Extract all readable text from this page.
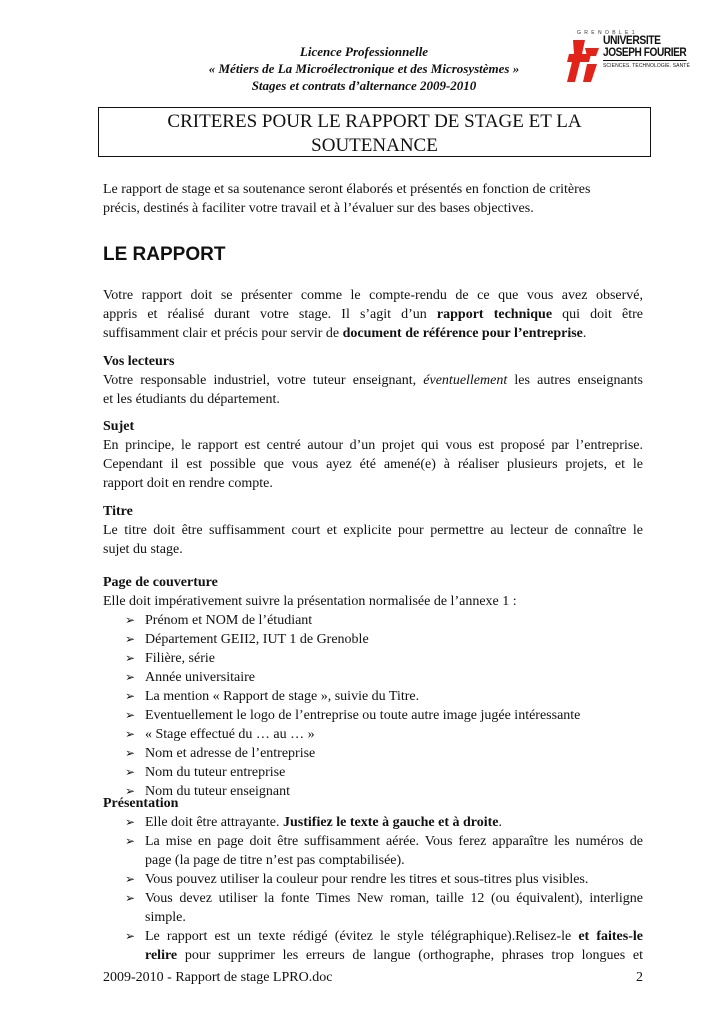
Licence Professionnelle
« Métiers de La Microélectronique et des Microsystèmes »
Stages et contrats d’alternance 2009-2010
G R E N O B L E 1
UNIVERSITE
JOSEPH FOURIER
SCIENCES. TECHNOLOGIE. SANTÉ
CRITERES POUR LE RAPPORT DE STAGE ET LA
SOUTENANCE
Le rapport de stage et sa soutenance seront élaborés et présentés en fonction de critères
précis, destinés à faciliter votre travail et à l’évaluer sur des bases objectives.
LE RAPPORT
Votre rapport doit se présenter comme le compte-rendu de ce que vous avez observé,
appris et réalisé durant votre stage. Il s’agit d’un rapport technique qui doit être
suffisamment clair et précis pour servir de document de référence pour l’entreprise.
Vos lecteurs
Votre responsable industriel, votre tuteur enseignant, éventuellement les autres enseignants
et les étudiants du département.
Sujet
En principe, le rapport est centré autour d’un projet qui vous est proposé par l’entreprise.
Cependant il est possible que vous ayez été amené(e) à réaliser plusieurs projets, et le
rapport doit en rendre compte.
Titre
Le titre doit être suffisamment court et explicite pour permettre au lecteur de connaître le
sujet du stage.
Page de couverture
Elle doit impérativement suivre la présentation normalisée de l’annexe 1 :
➢ Prénom et NOM de l’étudiant
➢ Département GEII2, IUT 1 de Grenoble
➢ Filière, série
➢ Année universitaire
➢ La mention « Rapport de stage », suivie du Titre.
➢ Eventuellement le logo de l’entreprise ou toute autre image jugée intéressante
➢ « Stage effectué du … au … »
➢ Nom et adresse de l’entreprise
➢ Nom du tuteur entreprise
➢ Nom du tuteur enseignant
Présentation
➢ Elle doit être attrayante. Justifiez le texte à gauche et à droite.
➢ La mise en page doit être suffisamment aérée. Vous ferez apparaître les numéros de
page (la page de titre n’est pas comptabilisée).
➢ Vous pouvez utiliser la couleur pour rendre les titres et sous-titres plus visibles.
➢ Vous devez utiliser la fonte Times New roman, taille 12 (ou équivalent), interligne
simple.
➢ Le rapport est un texte rédigé (évitez le style télégraphique).Relisez-le et faites-le
relire pour supprimer les erreurs de langue (orthographe, phrases trop longues et
2009-2010 - Rapport de stage LPRO.doc	2
